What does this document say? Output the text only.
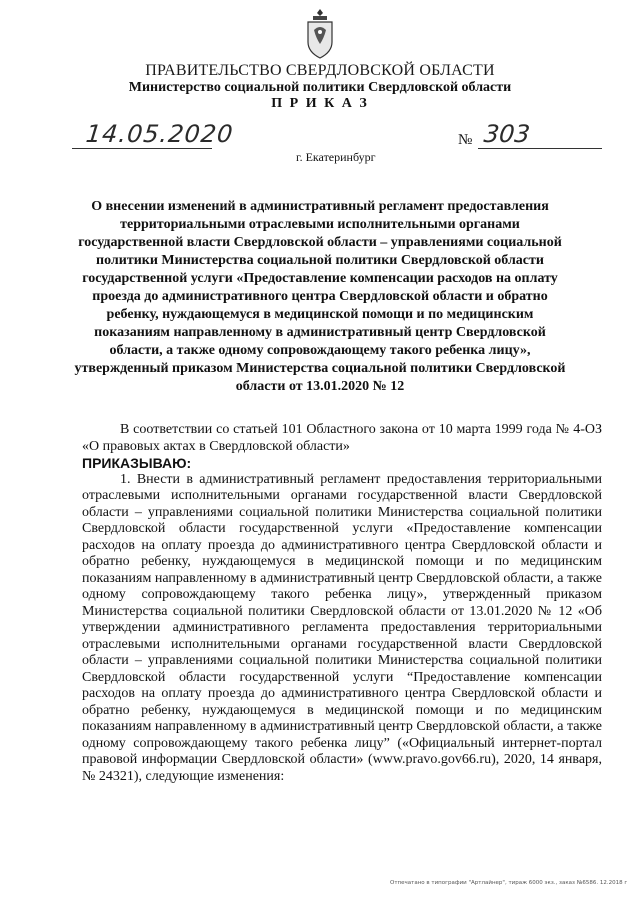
ПРАВИТЕЛЬСТВО СВЕРДЛОВСКОЙ ОБЛАСТИ
Министерство социальной политики Свердловской области
П Р И К А З
14.05.2020	№ 303
г. Екатеринбург
О внесении изменений в административный регламент предоставления территориальными отраслевыми исполнительными органами государственной власти Свердловской области – управлениями социальной политики Министерства социальной политики Свердловской области государственной услуги «Предоставление компенсации расходов на оплату проезда до административного центра Свердловской области и обратно ребенку, нуждающемуся в медицинской помощи и по медицинским показаниям направленному в административный центр Свердловской области, а также одному сопровождающему такого ребенка лицу», утвержденный приказом Министерства социальной политики Свердловской области от 13.01.2020 № 12

В соответствии со статьей 101 Областного закона от 10 марта 1999 года № 4-ОЗ «О правовых актах в Свердловской области»

ПРИКАЗЫВАЮ:

1. Внести в административный регламент предоставления территориальными отраслевыми исполнительными органами государственной власти Свердловской области – управлениями социальной политики Министерства социальной политики Свердловской области государственной услуги «Предоставление компенсации расходов на оплату проезда до административного центра Свердловской области и обратно ребенку, нуждающемуся в медицинской помощи и по медицинским показаниям направленному в административный центр Свердловской области, а также одному сопровождающему такого ребенка лицу», утвержденный приказом Министерства социальной политики Свердловской области от 13.01.2020 № 12 «Об утверждении административного регламента предоставления территориальными отраслевыми исполнительными органами государственной власти Свердловской области – управлениями социальной политики Министерства социальной политики Свердловской области государственной услуги “Предоставление компенсации расходов на оплату проезда до административного центра Свердловской области и обратно ребенку, нуждающемуся в медицинской помощи и по медицинским показаниям направленному в административный центр Свердловской области, а также одному сопровождающему такого ребенка лицу” («Официальный интернет-портал правовой информации Свердловской области» (www.pravo.gov66.ru), 2020, 14 января, № 24321), следующие изменения:

Отпечатано в типографии "Артлайнер", тираж 6000 экз., заказ №6586. 12.2018 г
